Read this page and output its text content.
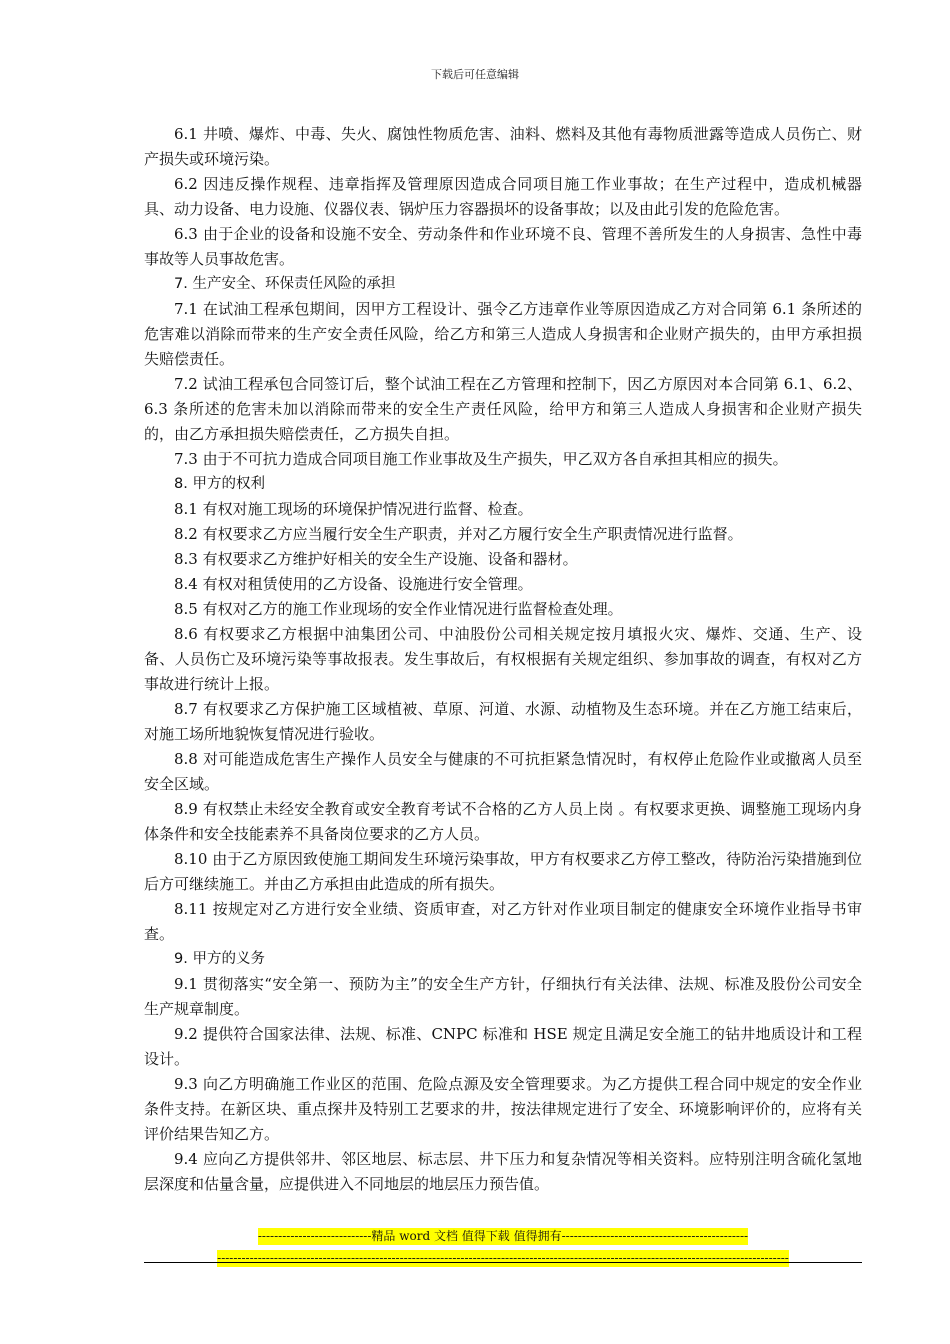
下载后可任意编辑

6.1 井喷、爆炸、中毒、失火、腐蚀性物质危害、油料、燃料及其他有毒物质泄露等造成人员伤亡、财产损失或环境污染。

6.2 因违反操作规程、违章指挥及管理原因造成合同项目施工作业事故；在生产过程中，造成机械器具、动力设备、电力设施、仪器仪表、锅炉压力容器损坏的设备事故；以及由此引发的危险危害。

6.3 由于企业的设备和设施不安全、劳动条件和作业环境不良、管理不善所发生的人身损害、急性中毒事故等人员事故危害。

7. 生产安全、环保责任风险的承担

7.1 在试油工程承包期间，因甲方工程设计、强令乙方违章作业等原因造成乙方对合同第 6.1 条所述的危害难以消除而带来的生产安全责任风险，给乙方和第三人造成人身损害和企业财产损失的，由甲方承担损失赔偿责任。

7.2 试油工程承包合同签订后，整个试油工程在乙方管理和控制下，因乙方原因对本合同第 6.1、6.2、6.3 条所述的危害未加以消除而带来的安全生产责任风险，给甲方和第三人造成人身损害和企业财产损失的，由乙方承担损失赔偿责任，乙方损失自担。

7.3 由于不可抗力造成合同项目施工作业事故及生产损失，甲乙双方各自承担其相应的损失。

8. 甲方的权利

8.1 有权对施工现场的环境保护情况进行监督、检查。

8.2 有权要求乙方应当履行安全生产职责，并对乙方履行安全生产职责情况进行监督。

8.3 有权要求乙方维护好相关的安全生产设施、设备和器材。

8.4 有权对租赁使用的乙方设备、设施进行安全管理。

8.5 有权对乙方的施工作业现场的安全作业情况进行监督检查处理。

8.6 有权要求乙方根据中油集团公司、中油股份公司相关规定按月填报火灾、爆炸、交通、生产、设备、人员伤亡及环境污染等事故报表。发生事故后，有权根据有关规定组织、参加事故的调查，有权对乙方事故进行统计上报。

8.7 有权要求乙方保护施工区域植被、草原、河道、水源、动植物及生态环境。并在乙方施工结束后，对施工场所地貌恢复情况进行验收。

8.8 对可能造成危害生产操作人员安全与健康的不可抗拒紧急情况时，有权停止危险作业或撤离人员至安全区域。

8.9 有权禁止未经安全教育或安全教育考试不合格的乙方人员上岗 。有权要求更换、调整施工现场内身体条件和安全技能素养不具备岗位要求的乙方人员。

8.10 由于乙方原因致使施工期间发生环境污染事故，甲方有权要求乙方停工整改，待防治污染措施到位后方可继续施工。并由乙方承担由此造成的所有损失。

8.11 按规定对乙方进行安全业绩、资质审查，对乙方针对作业项目制定的健康安全环境作业指导书审查。

9. 甲方的义务

9.1 贯彻落实“安全第一、预防为主”的安全生产方针，仔细执行有关法律、法规、标准及股份公司安全生产规章制度。

9.2 提供符合国家法律、法规、标准、CNPC 标准和 HSE 规定且满足安全施工的钻井地质设计和工程设计。

9.3 向乙方明确施工作业区的范围、危险点源及安全管理要求。为乙方提供工程合同中规定的安全作业条件支持。在新区块、重点探井及特别工艺要求的井，按法律规定进行了安全、环境影响评价的，应将有关评价结果告知乙方。

9.4 应向乙方提供邻井、邻区地层、标志层、井下压力和复杂情况等相关资料。应特别注明含硫化氢地层深度和估量含量，应提供进入不同地层的地层压力预告值。

----------------------------精品 word 文档 值得下载 值得拥有----------------------------------------------
---------------------------------------------------------------------------------------------------------------------------------------------
